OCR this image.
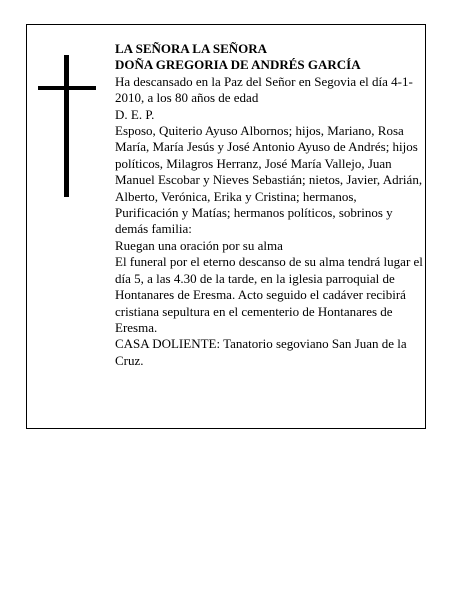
LA SEÑORA LA SEÑORA

DOÑA GREGORIA DE ANDRÉS GARCÍA

Ha descansado en la Paz del Señor en Segovia el día 4-1-2010, a los 80 años de edad

D. E. P.

Esposo, Quiterio Ayuso Albornos; hijos, Mariano, Rosa María, María Jesús y José Antonio Ayuso de Andrés; hijos políticos, Milagros Herranz, José María Vallejo, Juan Manuel Escobar y Nieves Sebastián; nietos, Javier, Adrián, Alberto, Verónica, Erika y Cristina; hermanos, Purificación y Matías; hermanos políticos, sobrinos y demás familia:

Ruegan una oración por su alma

El funeral por el eterno descanso de su alma tendrá lugar el día 5, a las 4.30 de la tarde, en la iglesia parroquial de Hontanares de Eresma. Acto seguido el cadáver recibirá cristiana sepultura en el cementerio de Hontanares de Eresma.

CASA DOLIENTE: Tanatorio segoviano San Juan de la Cruz.
